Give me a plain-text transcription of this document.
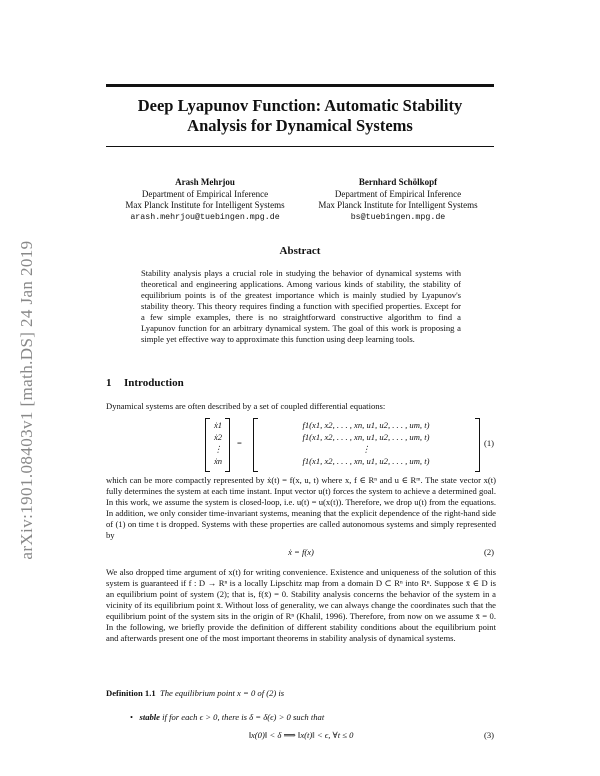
arXiv:1901.08403v1 [math.DS] 24 Jan 2019
Deep Lyapunov Function: Automatic Stability
Analysis for Dynamical Systems
Arash Mehrjou
Department of Empirical Inference
Max Planck Institute for Intelligent Systems
arash.mehrjou@tuebingen.mpg.de
Bernhard Schölkopf
Department of Empirical Inference
Max Planck Institute for Intelligent Systems
bs@tuebingen.mpg.de
Abstract
Stability analysis plays a crucial role in studying the behavior of dynamical systems with theoretical and engineering applications. Among various kinds of stability, the stability of equilibrium points is of the greatest importance which is mainly studied by Lyapunov's stability theory. This theory requires finding a function with specified properties. Except for a few simple examples, there is no straightforward constructive algorithm to find a Lyapunov function for an arbitrary dynamical system. The goal of this work is proposing a simple yet effective way to approximate this function using deep learning tools.
1 Introduction
Dynamical systems are often described by a set of coupled differential equations:
ẋ1
ẋ2
⋮
ẋn
=
f1(x1, x2, . . . , xn, u1, u2, . . . , um, t)
f1(x1, x2, . . . , xn, u1, u2, . . . , um, t)
⋮
f1(x1, x2, . . . , xn, u1, u2, . . . , um, t)
(1)
which can be more compactly represented by ẋ(t) = f(x, u, t) where x, f ∈ Rⁿ and u ∈ Rᵐ. The state vector x(t) fully determines the system at each time instant. Input vector u(t) forces the system to achieve a determined goal. In this work, we assume the system is closed-loop, i.e. u(t) = u(x(t)). Therefore, we drop u(t) from the equations. In addition, we only consider time-invariant systems, meaning that the explicit dependence of the right-hand side of (1) on time t is dropped. Systems with these properties are called autonomous systems and simply represented by
ẋ = f(x)	(2)
We also dropped time argument of x(t) for writing convenience. Existence and uniqueness of the solution of this system is guaranteed if f : D → Rⁿ is a locally Lipschitz map from a domain D ⊂ Rⁿ into Rⁿ. Suppose x̄ ∈ D is an equilibrium point of system (2); that is, f(x̄) = 0. Stability analysis concerns the behavior of the system in a vicinity of its equilibrium point x̄. Without loss of generality, we can always change the coordinates such that the equilibrium point of the system sits in the origin of Rⁿ (Khalil, 1996). Therefore, from now on we assume x̄ = 0. In the following, we briefly provide the definition of different stability conditions about the equilibrium point and afterwards present one of the most important theorems in stability analysis of dynamical systems.
Definition 1.1 The equilibrium point x = 0 of (2) is
• stable if for each ϵ > 0, there is δ = δ(ϵ) > 0 such that
‖x(0)‖ < δ ⟹ ‖x(t)‖ < ϵ, ∀t ≤ 0	(3)
